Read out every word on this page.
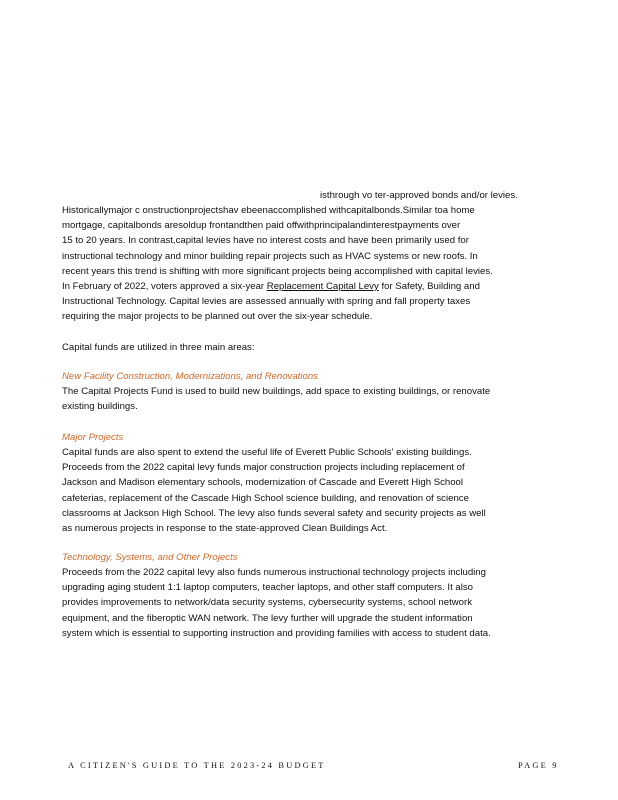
isthrough vo ter-approved bonds and/or levies.

Historicallymajor c onstructionprojectshav ebeenaccomplished withcapitalbonds.Similar toa home
mortgage, capitalbonds aresoldup frontandthen paid offwithprincipalandinterestpayments over
15 to 20 years. In contrast,capital levies have no interest costs and have been primarily used for
instructional technology and minor building repair projects such as HVAC systems or new roofs. In
recent years this trend is shifting with more significant projects being accomplished with capital levies.
In February of 2022, voters approved a six-year Replacement Capital Levy for Safety, Building and
Instructional Technology. Capital levies are assessed annually with spring and fall property taxes
requiring the major projects to be planned out over the six-year schedule.

Capital funds are utilized in three main areas:

New Facility Construction, Modernizations, and Renovations

The Capital Projects Fund is used to build new buildings, add space to existing buildings, or renovate
existing buildings.

Major Projects

Capital funds are also spent to extend the useful life of Everett Public Schools' existing buildings.
Proceeds from the 2022 capital levy funds major construction projects including replacement of
Jackson and Madison elementary schools, modernization of Cascade and Everett High School
cafeterias, replacement of the Cascade High School science building, and renovation of science
classrooms at Jackson High School. The levy also funds several safety and security projects as well
as numerous projects in response to the state-approved Clean Buildings Act.

Technology, Systems, and Other Projects

Proceeds from the 2022 capital levy also funds numerous instructional technology projects including
upgrading aging student 1:1 laptop computers, teacher laptops, and other staff computers. It also
provides improvements to network/data security systems, cybersecurity systems, school network
equipment, and the fiberoptic WAN network. The levy further will upgrade the student information
system which is essential to supporting instruction and providing families with access to student data.

A CITIZEN'S GUIDE TO THE 2023-24 BUDGET	PAGE 9
